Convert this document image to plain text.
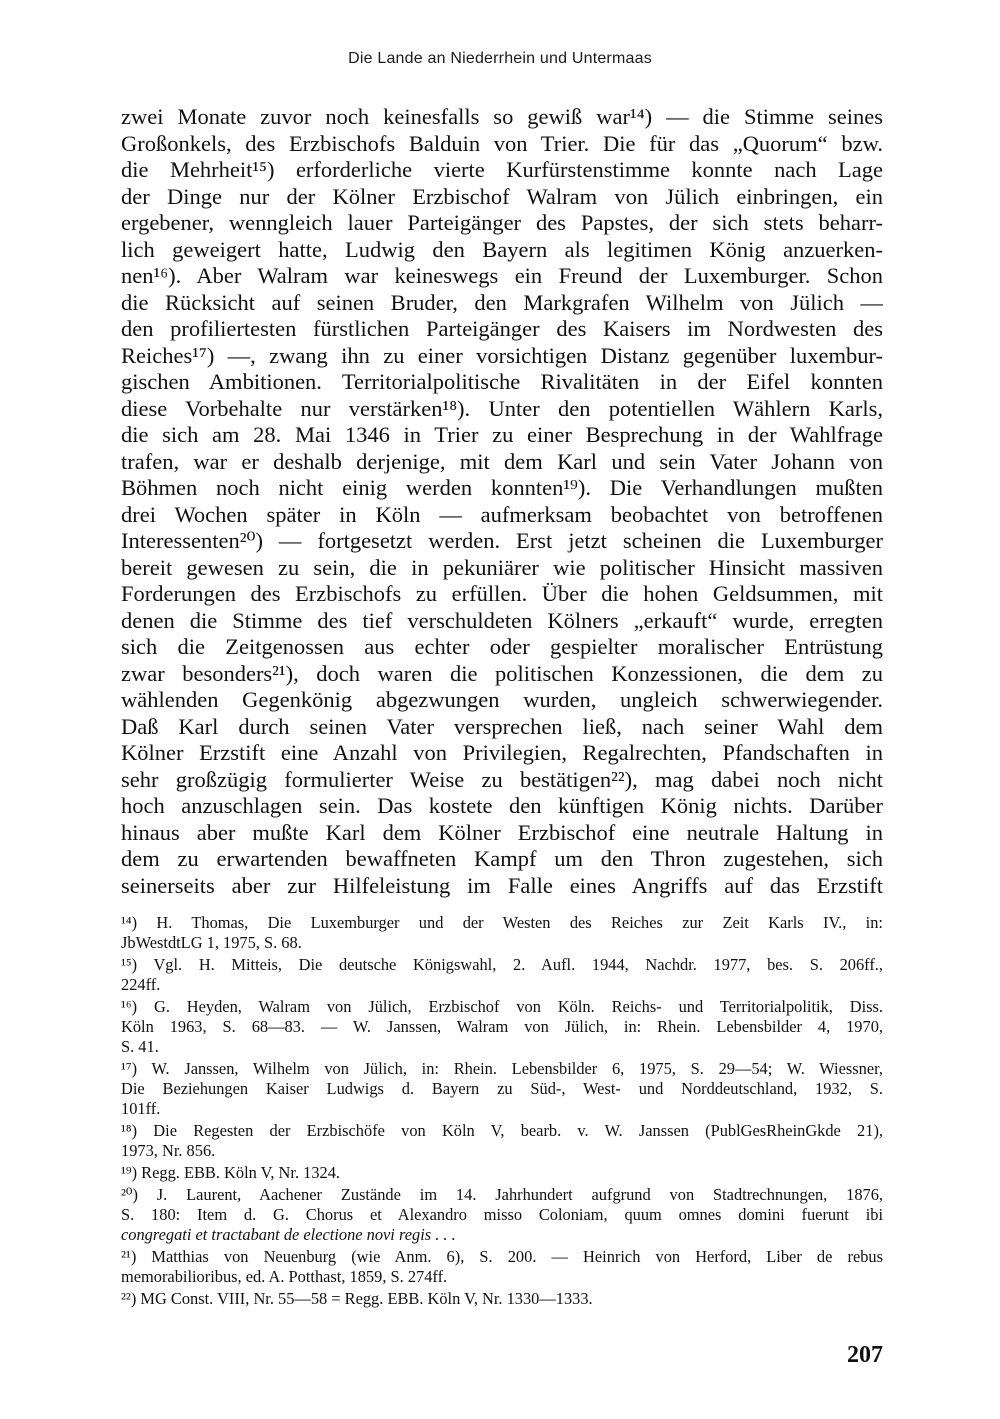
Die Lande an Niederrhein und Untermaas
zwei Monate zuvor noch keinesfalls so gewiß war¹⁴) — die Stimme seines
Großonkels, des Erzbischofs Balduin von Trier. Die für das „Quorum“ bzw.
die Mehrheit¹⁵) erforderliche vierte Kurfürstenstimme konnte nach Lage
der Dinge nur der Kölner Erzbischof Walram von Jülich einbringen, ein
ergebener, wenngleich lauer Parteigänger des Papstes, der sich stets beharr-
lich geweigert hatte, Ludwig den Bayern als legitimen König anzuerken-
nen¹⁶). Aber Walram war keineswegs ein Freund der Luxemburger. Schon
die Rücksicht auf seinen Bruder, den Markgrafen Wilhelm von Jülich —
den profiliertesten fürstlichen Parteigänger des Kaisers im Nordwesten des
Reiches¹⁷) —, zwang ihn zu einer vorsichtigen Distanz gegenüber luxembur-
gischen Ambitionen. Territorialpolitische Rivalitäten in der Eifel konnten
diese Vorbehalte nur verstärken¹⁸). Unter den potentiellen Wählern Karls,
die sich am 28. Mai 1346 in Trier zu einer Besprechung in der Wahlfrage
trafen, war er deshalb derjenige, mit dem Karl und sein Vater Johann von
Böhmen noch nicht einig werden konnten¹⁹). Die Verhandlungen mußten
drei Wochen später in Köln — aufmerksam beobachtet von betroffenen
Interessenten²⁰) — fortgesetzt werden. Erst jetzt scheinen die Luxemburger
bereit gewesen zu sein, die in pekuniärer wie politischer Hinsicht massiven
Forderungen des Erzbischofs zu erfüllen. Über die hohen Geldsummen, mit
denen die Stimme des tief verschuldeten Kölners „erkauft“ wurde, erregten
sich die Zeitgenossen aus echter oder gespielter moralischer Entrüstung
zwar besonders²¹), doch waren die politischen Konzessionen, die dem zu
wählenden Gegenkönig abgezwungen wurden, ungleich schwerwiegender.
Daß Karl durch seinen Vater versprechen ließ, nach seiner Wahl dem
Kölner Erzstift eine Anzahl von Privilegien, Regalrechten, Pfandschaften in
sehr großzügig formulierter Weise zu bestätigen²²), mag dabei noch nicht
hoch anzuschlagen sein. Das kostete den künftigen König nichts. Darüber
hinaus aber mußte Karl dem Kölner Erzbischof eine neutrale Haltung in
dem zu erwartenden bewaffneten Kampf um den Thron zugestehen, sich
seinerseits aber zur Hilfeleistung im Falle eines Angriffs auf das Erzstift
¹⁴) H. Thomas, Die Luxemburger und der Westen des Reiches zur Zeit Karls IV., in:
JbWestdtLG 1, 1975, S. 68.
¹⁵) Vgl. H. Mitteis, Die deutsche Königswahl, 2. Aufl. 1944, Nachdr. 1977, bes. S. 206ff.,
224ff.
¹⁶) G. Heyden, Walram von Jülich, Erzbischof von Köln. Reichs- und Territorialpolitik, Diss.
Köln 1963, S. 68—83. — W. Janssen, Walram von Jülich, in: Rhein. Lebensbilder 4, 1970,
S. 41.
¹⁷) W. Janssen, Wilhelm von Jülich, in: Rhein. Lebensbilder 6, 1975, S. 29—54; W. Wiessner,
Die Beziehungen Kaiser Ludwigs d. Bayern zu Süd-, West- und Norddeutschland, 1932, S.
101ff.
¹⁸) Die Regesten der Erzbischöfe von Köln V, bearb. v. W. Janssen (PublGesRheinGkde 21),
1973, Nr. 856.
¹⁹) Regg. EBB. Köln V, Nr. 1324.
²⁰) J. Laurent, Aachener Zustände im 14. Jahrhundert aufgrund von Stadtrechnungen, 1876,
S. 180: Item d. G. Chorus et Alexandro misso Coloniam, quum omnes domini fuerunt ibi
congregati et tractabant de electione novi regis . . .
²¹) Matthias von Neuenburg (wie Anm. 6), S. 200. — Heinrich von Herford, Liber de rebus
memorabilioribus, ed. A. Potthast, 1859, S. 274ff.
²²) MG Const. VIII, Nr. 55—58 = Regg. EBB. Köln V, Nr. 1330—1333.
207
